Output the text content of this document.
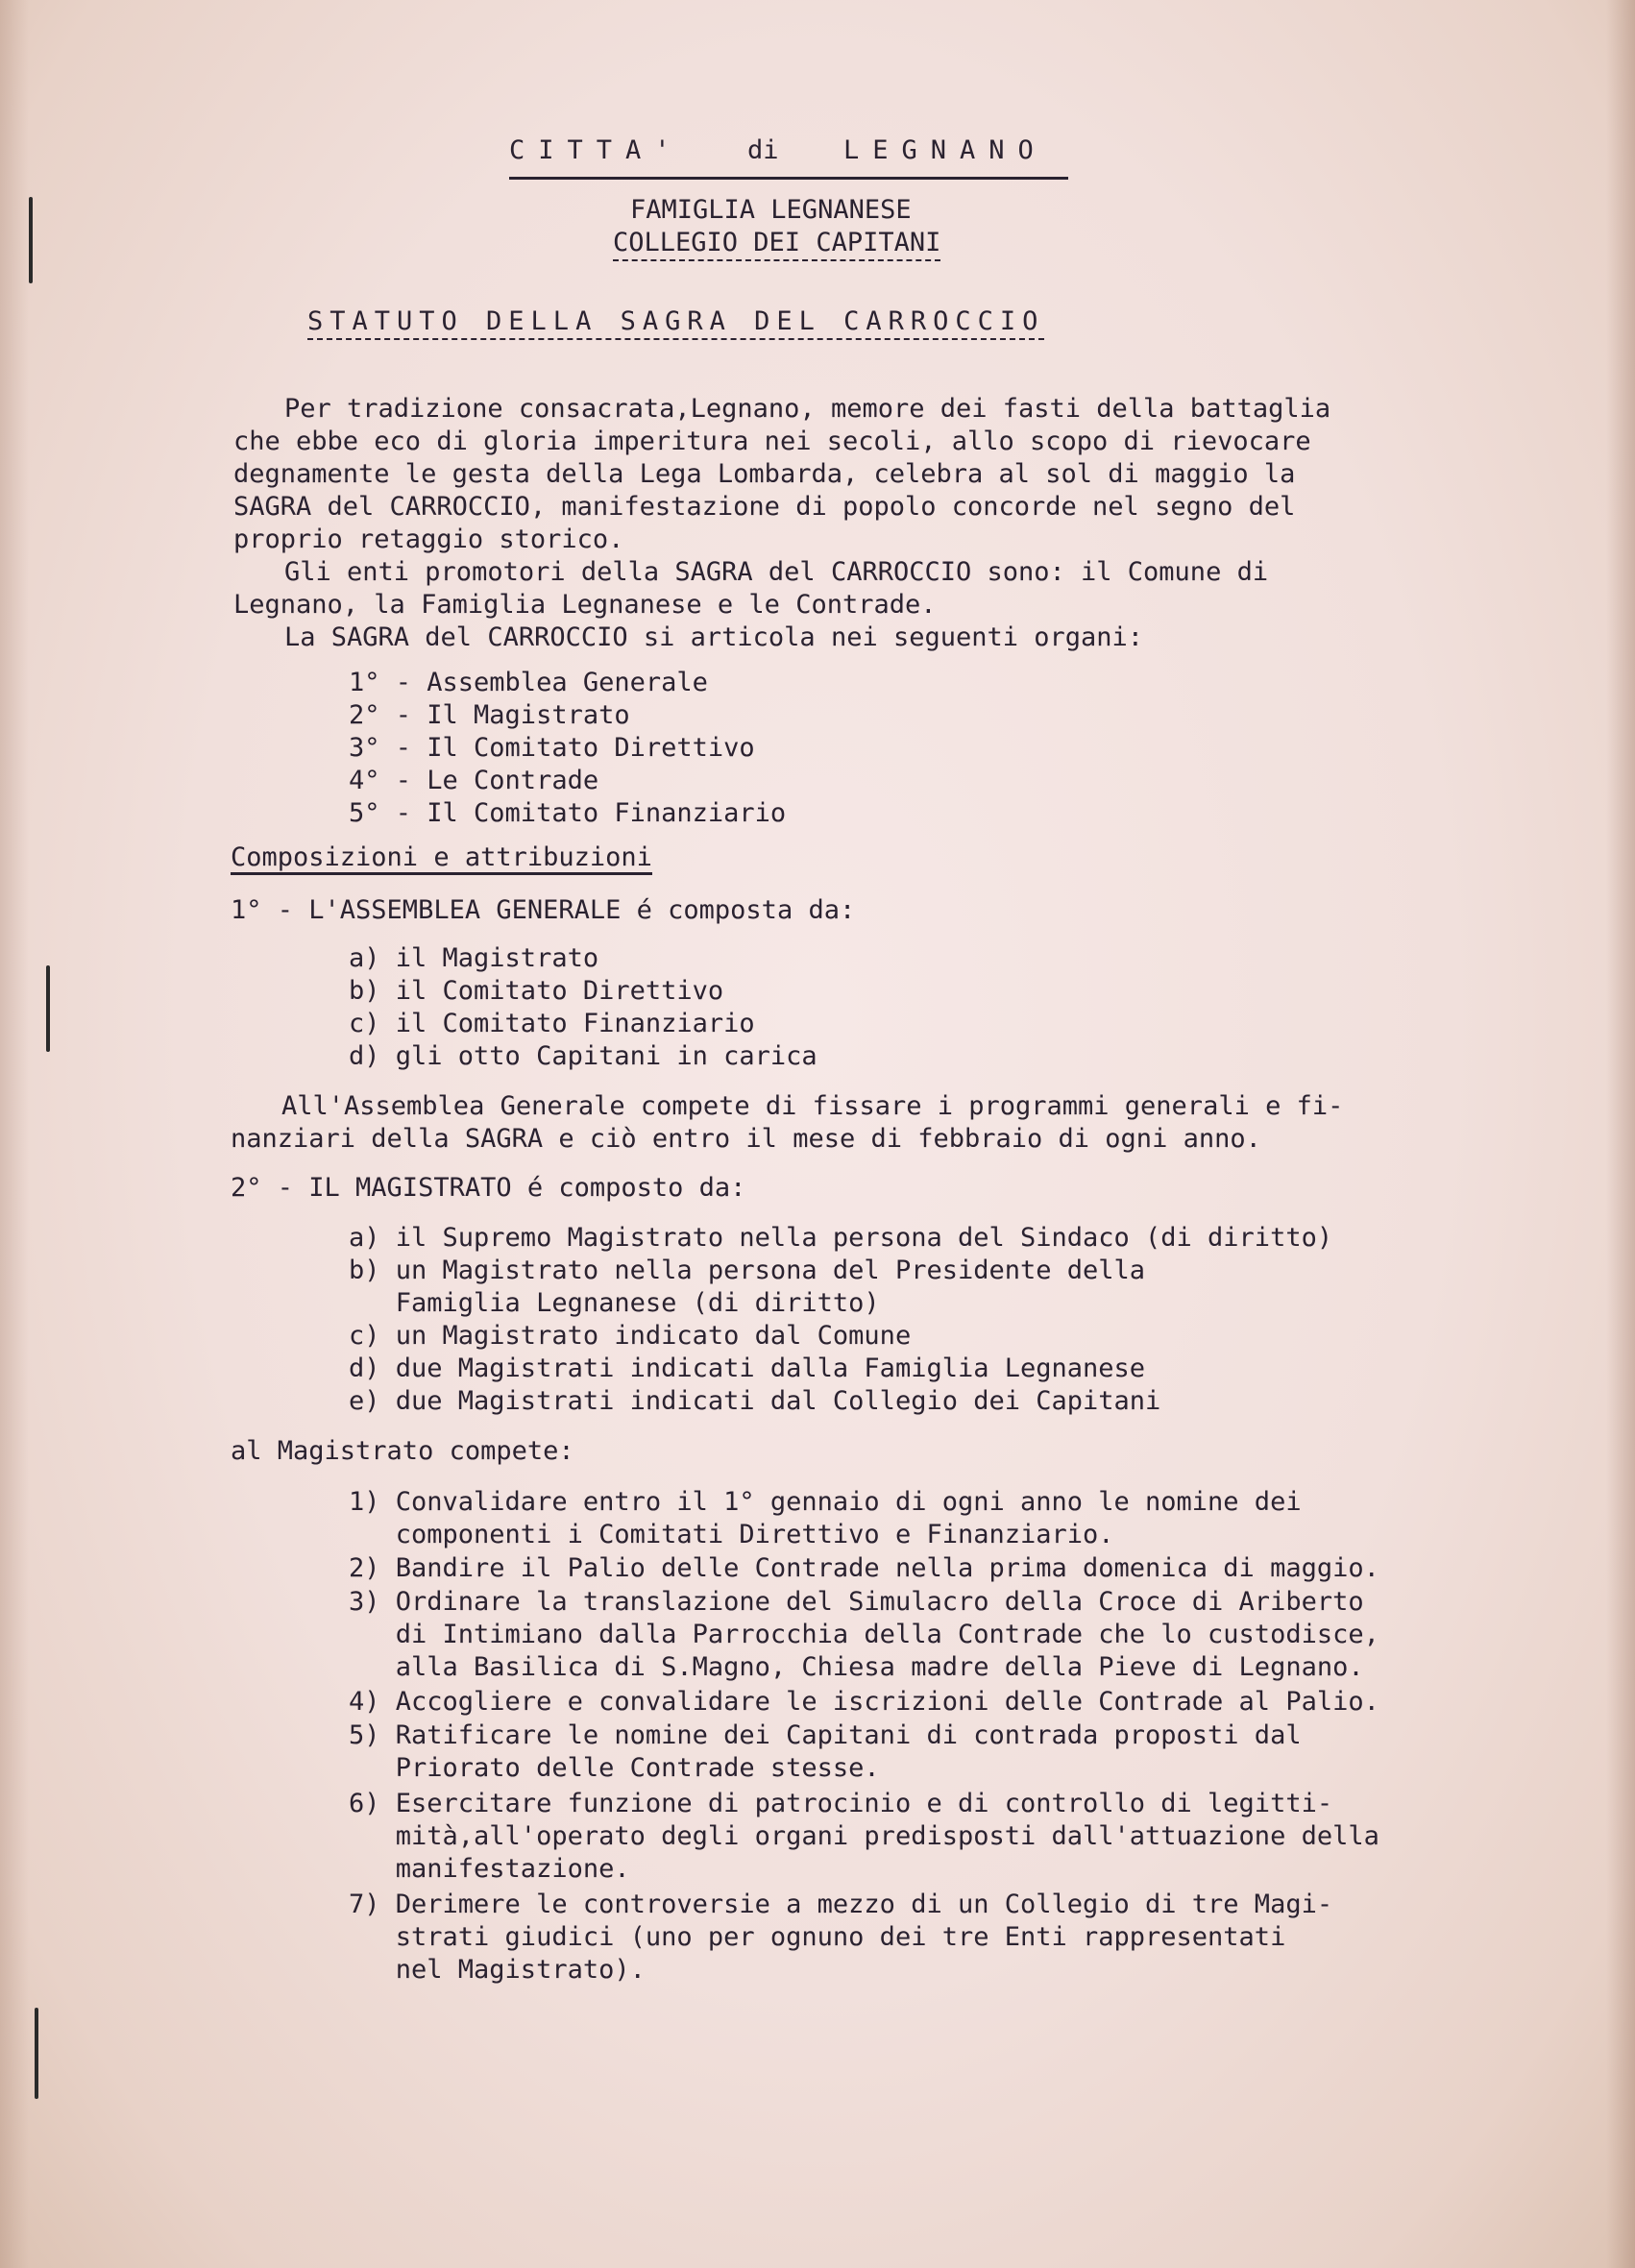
CITTA' di LEGNANO
FAMIGLIA LEGNANESE
COLLEGIO DEI CAPITANI
STATUTO DELLA SAGRA DEL CARROCCIO
Per tradizione consacrata,Legnano, memore dei fasti della battaglia
che ebbe eco di gloria imperitura nei secoli, allo scopo di rievocare
degnamente le gesta della Lega Lombarda, celebra al sol di maggio la
SAGRA del CARROCCIO, manifestazione di popolo concorde nel segno del
proprio retaggio storico.
Gli enti promotori della SAGRA del CARROCCIO sono: il Comune di
Legnano, la Famiglia Legnanese e le Contrade.
La SAGRA del CARROCCIO si articola nei seguenti organi:
1° - Assemblea Generale
2° - Il Magistrato
3° - Il Comitato Direttivo
4° - Le Contrade
5° - Il Comitato Finanziario
Composizioni e attribuzioni
1° - L'ASSEMBLEA GENERALE é composta da:
a) il Magistrato
b) il Comitato Direttivo
c) il Comitato Finanziario
d) gli otto Capitani in carica
All'Assemblea Generale compete di fissare i programmi generali e fi-
nanziari della SAGRA e ciò entro il mese di febbraio di ogni anno.
2° - IL MAGISTRATO é composto da:
a) il Supremo Magistrato nella persona del Sindaco (di diritto)
b) un Magistrato nella persona del Presidente della
Famiglia Legnanese (di diritto)
c) un Magistrato indicato dal Comune
d) due Magistrati indicati dalla Famiglia Legnanese
e) due Magistrati indicati dal Collegio dei Capitani
al Magistrato compete:
1) Convalidare entro il 1° gennaio di ogni anno le nomine dei
componenti i Comitati Direttivo e Finanziario.
2) Bandire il Palio delle Contrade nella prima domenica di maggio.
3) Ordinare la translazione del Simulacro della Croce di Ariberto
di Intimiano dalla Parrocchia della Contrade che lo custodisce,
alla Basilica di S.Magno, Chiesa madre della Pieve di Legnano.
4) Accogliere e convalidare le iscrizioni delle Contrade al Palio.
5) Ratificare le nomine dei Capitani di contrada proposti dal
Priorato delle Contrade stesse.
6) Esercitare funzione di patrocinio e di controllo di legitti-
mità,all'operato degli organi predisposti dall'attuazione della
manifestazione.
7) Derimere le controversie a mezzo di un Collegio di tre Magi-
strati giudici (uno per ognuno dei tre Enti rappresentati
nel Magistrato).
